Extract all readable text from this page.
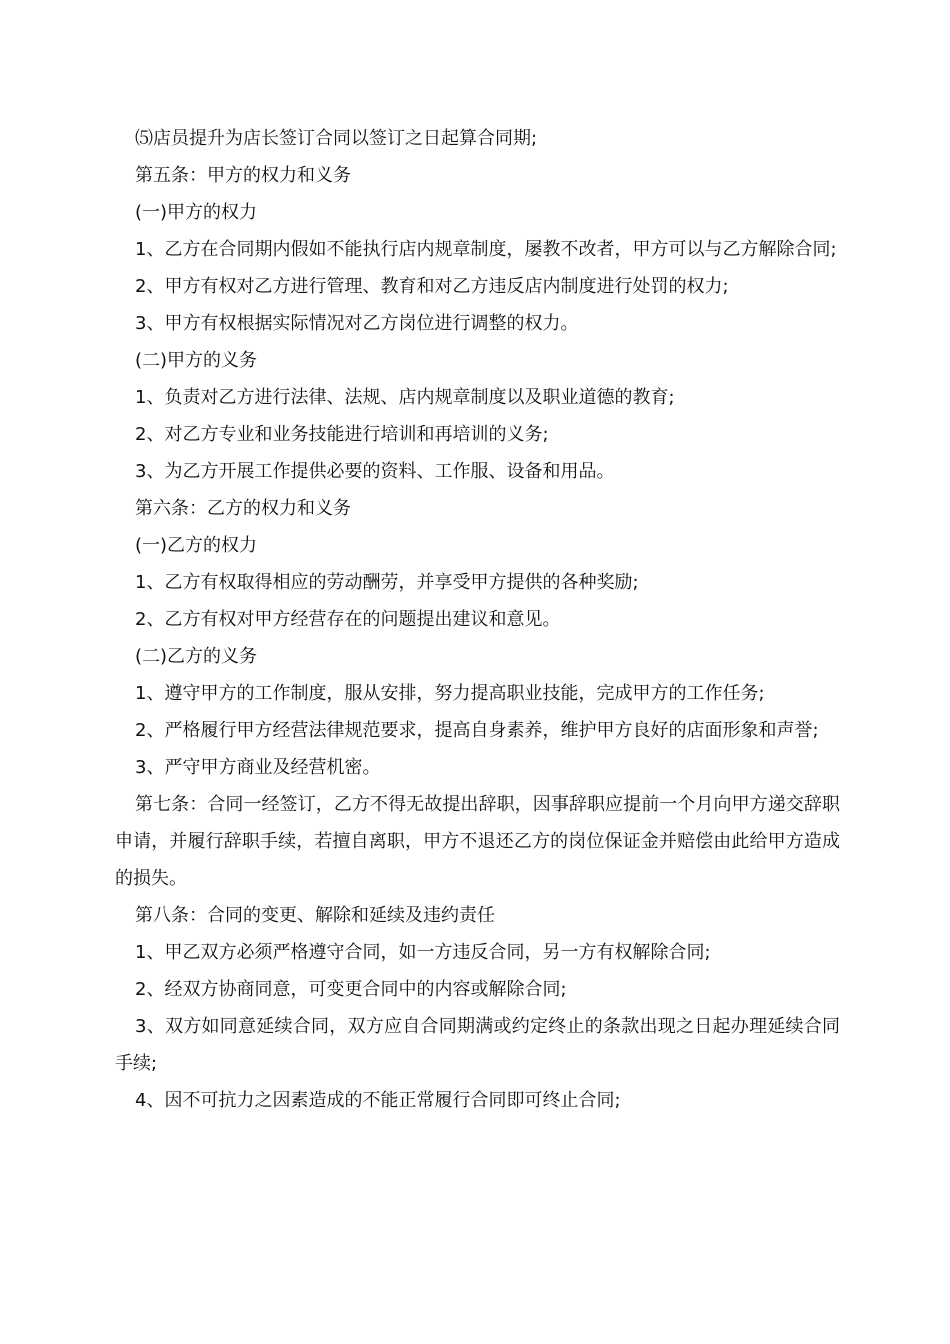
⑸店员提升为店长签订合同以签订之日起算合同期;

第五条：甲方的权力和义务

(一)甲方的权力

1、乙方在合同期内假如不能执行店内规章制度，屡教不改者，甲方可以与乙方解除合同;

2、甲方有权对乙方进行管理、教育和对乙方违反店内制度进行处罚的权力;

3、甲方有权根据实际情况对乙方岗位进行调整的权力。

(二)甲方的义务

1、负责对乙方进行法律、法规、店内规章制度以及职业道德的教育;

2、对乙方专业和业务技能进行培训和再培训的义务;

3、为乙方开展工作提供必要的资料、工作服、设备和用品。

第六条：乙方的权力和义务

(一)乙方的权力

1、乙方有权取得相应的劳动酬劳，并享受甲方提供的各种奖励;

2、乙方有权对甲方经营存在的问题提出建议和意见。

(二)乙方的义务

1、遵守甲方的工作制度，服从安排，努力提高职业技能，完成甲方的工作任务;

2、严格履行甲方经营法律规范要求，提高自身素养，维护甲方良好的店面形象和声誉;

3、严守甲方商业及经营机密。

第七条：合同一经签订，乙方不得无故提出辞职，因事辞职应提前一个月向甲方递交辞职申请，并履行辞职手续，若擅自离职，甲方不退还乙方的岗位保证金并赔偿由此给甲方造成的损失。

第八条：合同的变更、解除和延续及违约责任

1、甲乙双方必须严格遵守合同，如一方违反合同，另一方有权解除合同;

2、经双方协商同意，可变更合同中的内容或解除合同;

3、双方如同意延续合同，双方应自合同期满或约定终止的条款出现之日起办理延续合同手续;

4、因不可抗力之因素造成的不能正常履行合同即可终止合同;
